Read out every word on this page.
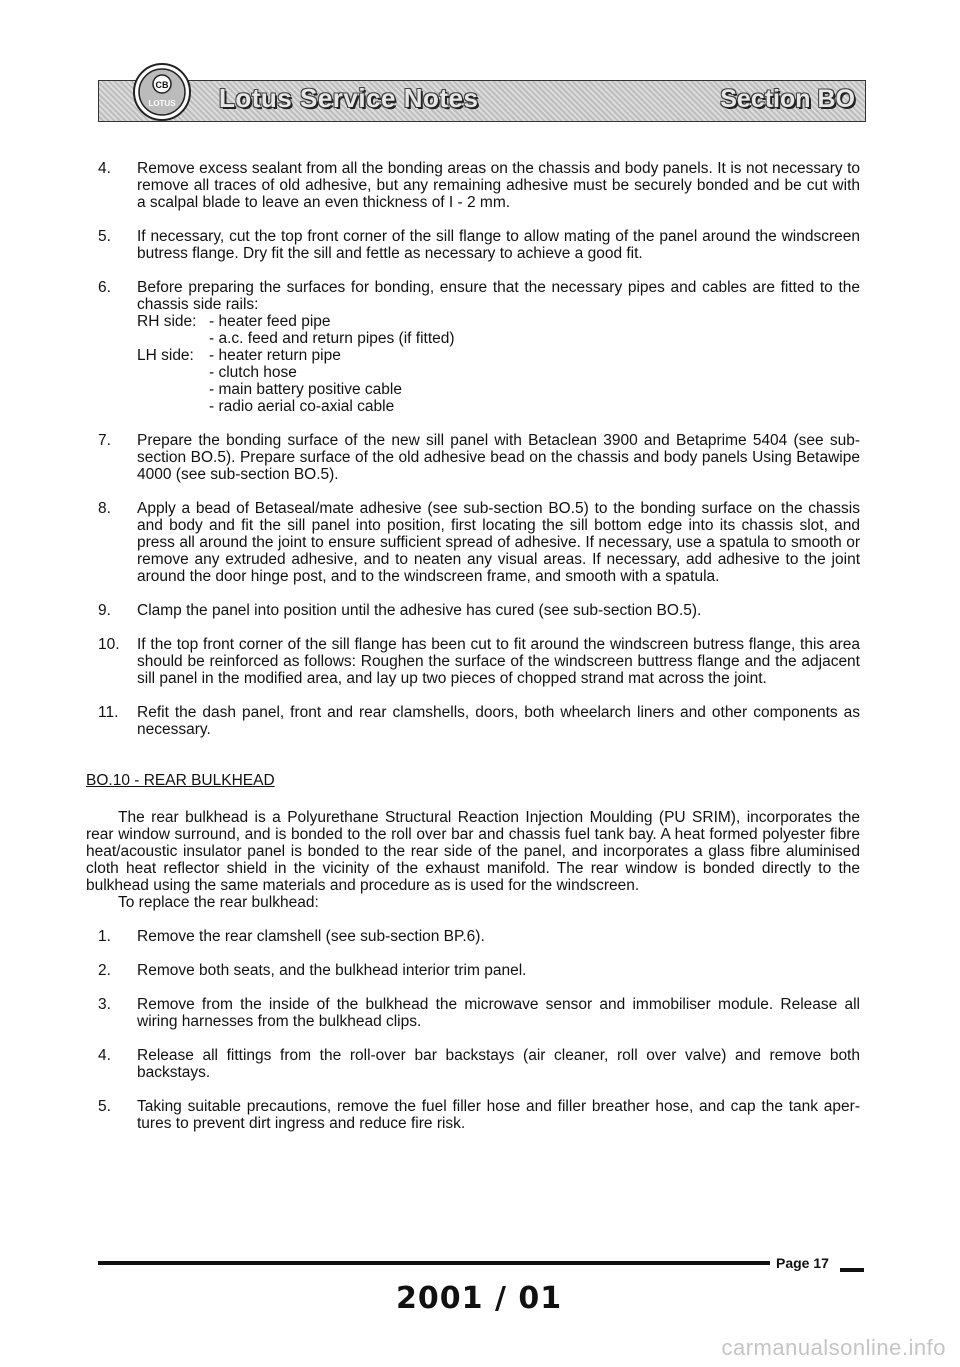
Lotus Service Notes	Section BO
CB
LOTUS
4.	Remove excess sealant from all the bonding areas on the chassis and body panels. It is not necessary to remove all traces of old adhesive, but any remaining adhesive must be securely bonded and be cut with a scalpal blade to leave an even thickness of I - 2 mm.
5.	If necessary, cut the top front corner of the sill flange to allow mating of the panel around the windscreen butress flange. Dry fit the sill and fettle as necessary to achieve a good fit.
6.	Before preparing the surfaces for bonding, ensure that the necessary pipes and cables are fitted to the chassis side rails:
RH side: - heater feed pipe
- a.c. feed and return pipes (if fitted)
LH side: - heater return pipe
- clutch hose
- main battery positive cable
- radio aerial co-axial cable
7.	Prepare the bonding surface of the new sill panel with Betaclean 3900 and Betaprime 5404 (see sub-section BO.5). Prepare surface of the old adhesive bead on the chassis and body panels Using Betawipe 4000 (see sub-section BO.5).
8.	Apply a bead of Betaseal/mate adhesive (see sub-section BO.5) to the bonding surface on the chassis and body and fit the sill panel into position, first locating the sill bottom edge into its chassis slot, and press all around the joint to ensure sufficient spread of adhesive. If necessary, use a spatula to smooth or remove any extruded adhesive, and to neaten any visual areas. If necessary, add adhesive to the joint around the door hinge post, and to the windscreen frame, and smooth with a spatula.
9.	Clamp the panel into position until the adhesive has cured (see sub-section BO.5).
10.	If the top front corner of the sill flange has been cut to fit around the windscreen butress flange, this area should be reinforced as follows: Roughen the surface of the windscreen buttress flange and the adjacent sill panel in the modified area, and lay up two pieces of chopped strand mat across the joint.
11.	Refit the dash panel, front and rear clamshells, doors, both wheelarch liners and other components as necessary.
BO.10 - REAR BULKHEAD
The rear bulkhead is a Polyurethane Structural Reaction Injection Moulding (PU SRIM), incorporates the rear window surround, and is bonded to the roll over bar and chassis fuel tank bay. A heat formed polyester fibre heat/acoustic insulator panel is bonded to the rear side of the panel, and incorporates a glass fibre aluminised cloth heat reflector shield in the vicinity of the exhaust manifold. The rear window is bonded directly to the bulkhead using the same materials and procedure as is used for the windscreen.
To replace the rear bulkhead:
1.	Remove the rear clamshell (see sub-section BP.6).
2.	Remove both seats, and the bulkhead interior trim panel.
3.	Remove from the inside of the bulkhead the microwave sensor and immobiliser module. Release all wiring harnesses from the bulkhead clips.
4.	Release all fittings from the roll-over bar backstays (air cleaner, roll over valve) and remove both backstays.
5.	Taking suitable precautions, remove the fuel filler hose and filler breather hose, and cap the tank aper-tures to prevent dirt ingress and reduce fire risk.
Page 17
2001 / 01
carmanualsonline.info
